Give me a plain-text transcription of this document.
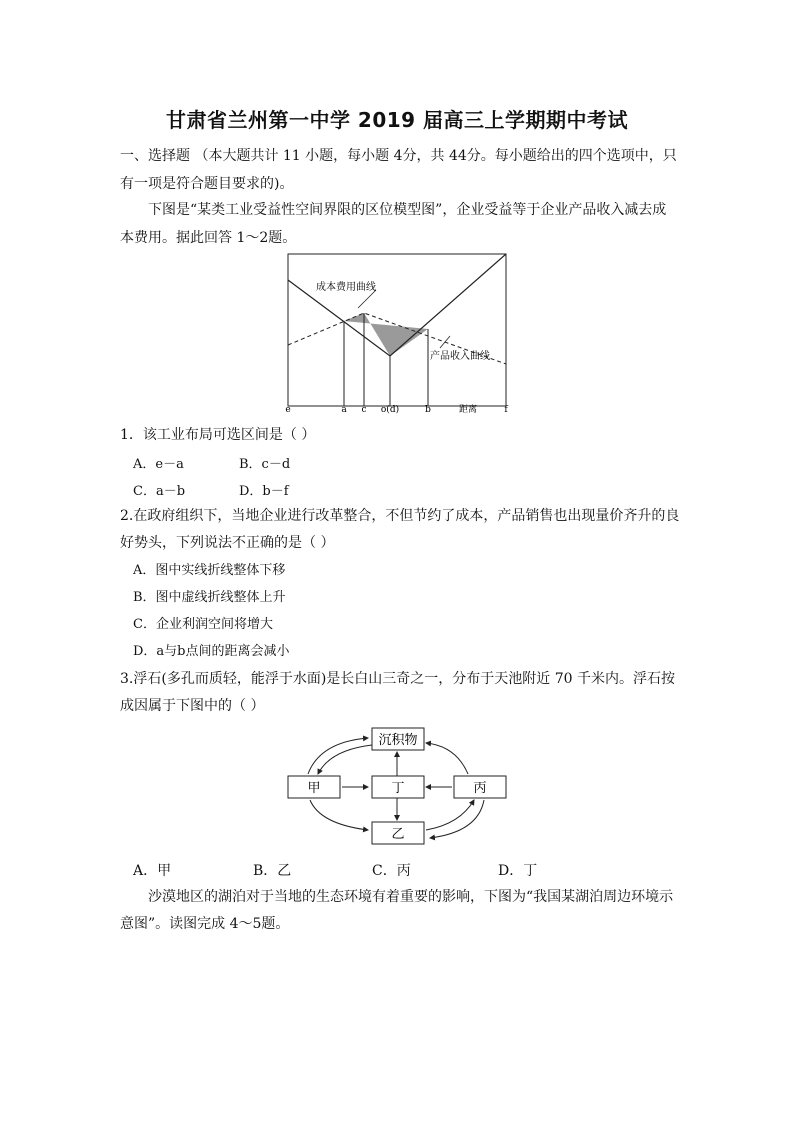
甘肃省兰州第一中学 2019 届高三上学期期中考试
一、选择题 （本大题共计 11 小题，每小题 4分，共 44分。每小题给出的四个选项中，只
有一项是符合题目要求的)。
下图是“某类工业受益性空间界限的区位模型图”，企业受益等于企业产品收入减去成
本费用。据此回答 1～2题。
成本费用曲线
产品收入曲线
e	a c o(d)	b	距离	f
1．该工业布局可选区间是（ ）
A．e－a	B．c－d
C．a－b	D．b－f
2.在政府组织下，当地企业进行改革整合，不但节约了成本，产品销售也出现量价齐升的良
好势头，下列说法不正确的是（ ）
A．图中实线折线整体下移
B．图中虚线折线整体上升
C．企业利润空间将增大
D．a与b点间的距离会减小
3.浮石(多孔而质轻，能浮于水面)是长白山三奇之一，分布于天池附近 70 千米内。浮石按
成因属于下图中的（ ）
沉积物
甲	丁	丙
乙
A．甲	B．乙	C．丙	D．丁
沙漠地区的湖泊对于当地的生态环境有着重要的影响，下图为“我国某湖泊周边环境示
意图”。读图完成 4～5题。
